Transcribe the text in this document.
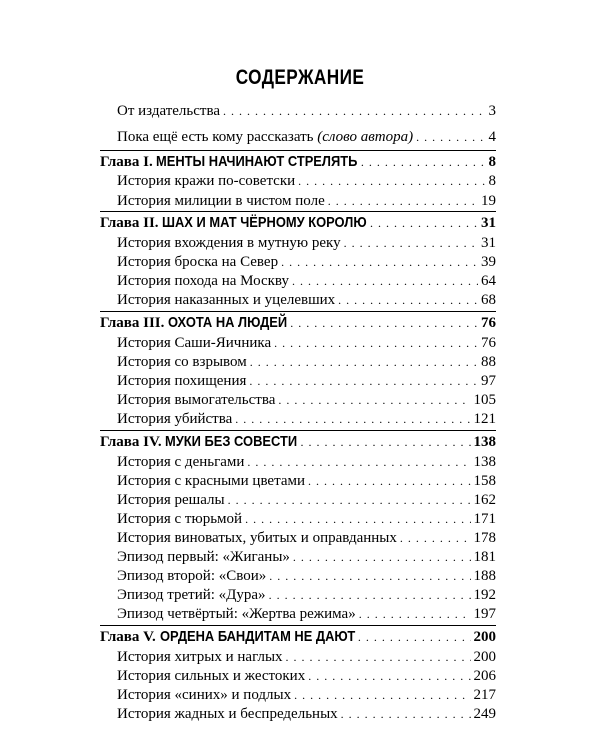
СОДЕРЖАНИЕ
От издательства . . .	3
Пока ещё есть кому рассказать (слово автора) . . .	4
Глава I. МЕНТЫ НАЧИНАЮТ СТРЕЛЯТЬ . . .	8
История кражи по-советски . . .	8
История милиции в чистом поле . . .	19
Глава II. ШАХ И МАТ ЧЁРНОМУ КОРОЛЮ . . .	31
История вхождения в мутную реку . . .	31
История броска на Север . . .	39
История похода на Москву . . .	64
История наказанных и уцелевших . . .	68
Глава III. ОХОТА НА ЛЮДЕЙ . . .	76
История Саши-Яичника . . .	76
История со взрывом . . .	88
История похищения . . .	97
История вымогательства . . .	105
История убийства . . .	121
Глава IV. МУКИ БЕЗ СОВЕСТИ . . .	138
История с деньгами . . .	138
История с красными цветами . . .	158
История решалы . . .	162
История с тюрьмой . . .	171
История виноватых, убитых и оправданных . . .	178
Эпизод первый: «Жиганы» . . .	181
Эпизод второй: «Свои» . . .	188
Эпизод третий: «Дура» . . .	192
Эпизод четвёртый: «Жертва режима» . . .	197
Глава V. ОРДЕНА БАНДИТАМ НЕ ДАЮТ . . .	200
История хитрых и наглых . . .	200
История сильных и жестоких . . .	206
История «синих» и подлых . . .	217
История жадных и беспредельных . . .	249
